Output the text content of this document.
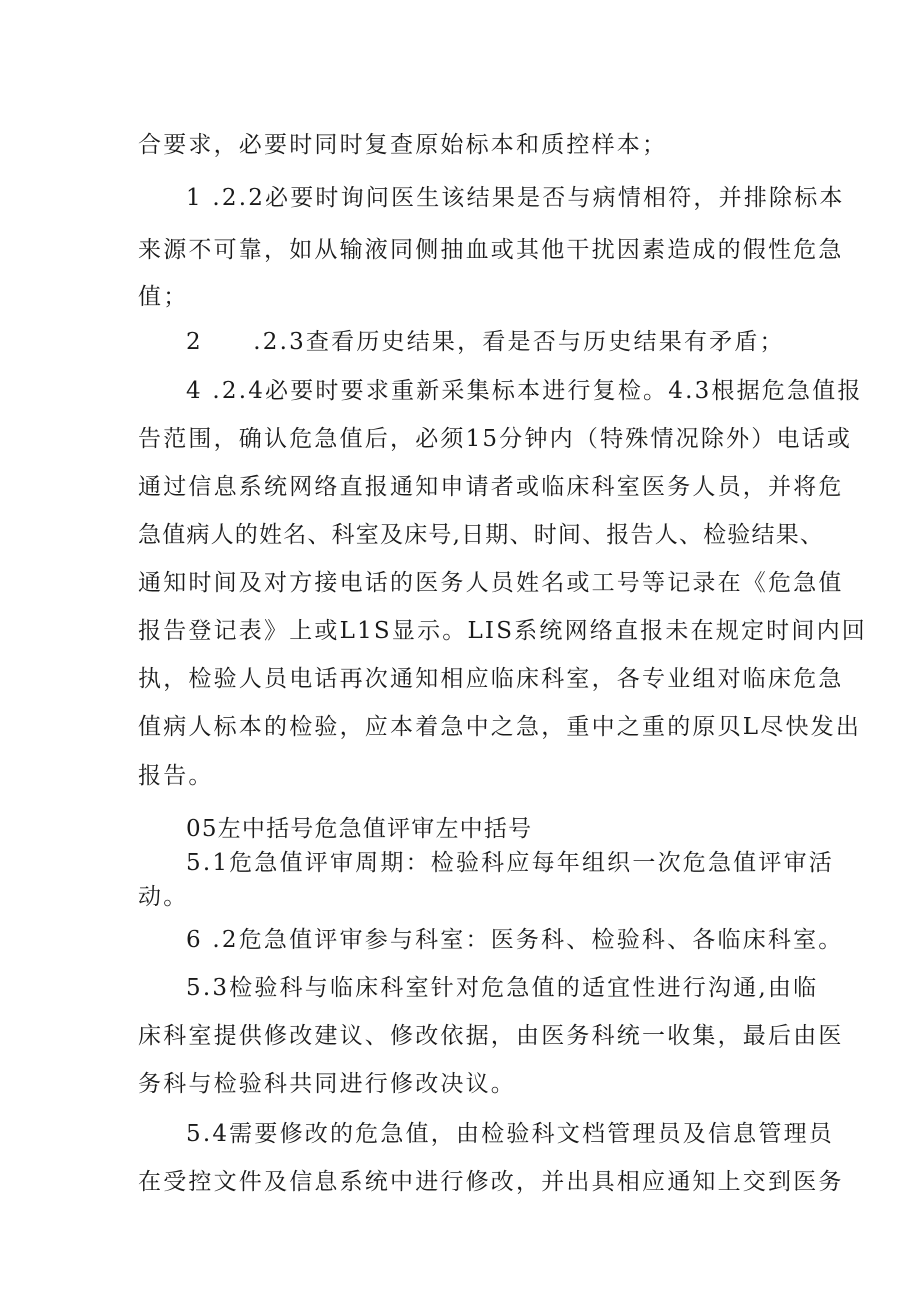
合要求，必要时同时复查原始标本和质控样本；
1 .2.2必要时询问医生该结果是否与病情相符，并排除标本
来源不可靠，如从输液同侧抽血或其他干扰因素造成的假性危急
值；
2　　.2.3查看历史结果，看是否与历史结果有矛盾；
4 .2.4必要时要求重新采集标本进行复检。4.3根据危急值报
告范围，确认危急值后，必须15分钟内（特殊情况除外）电话或
通过信息系统网络直报通知申请者或临床科室医务人员，并将危
急值病人的姓名、科室及床号,日期、时间、报告人、检验结果、
通知时间及对方接电话的医务人员姓名或工号等记录在《危急值
报告登记表》上或L1S显示。LIS系统网络直报未在规定时间内回
执，检验人员电话再次通知相应临床科室，各专业组对临床危急
值病人标本的检验，应本着急中之急，重中之重的原贝L尽快发出
报告。
05左中括号危急值评审左中括号
5.1危急值评审周期：检验科应每年组织一次危急值评审活
动。
6 .2危急值评审参与科室：医务科、检验科、各临床科室。
5.3检验科与临床科室针对危急值的适宜性进行沟通,由临
床科室提供修改建议、修改依据，由医务科统一收集，最后由医
务科与检验科共同进行修改决议。
5.4需要修改的危急值，由检验科文档管理员及信息管理员
在受控文件及信息系统中进行修改，并出具相应通知上交到医务
